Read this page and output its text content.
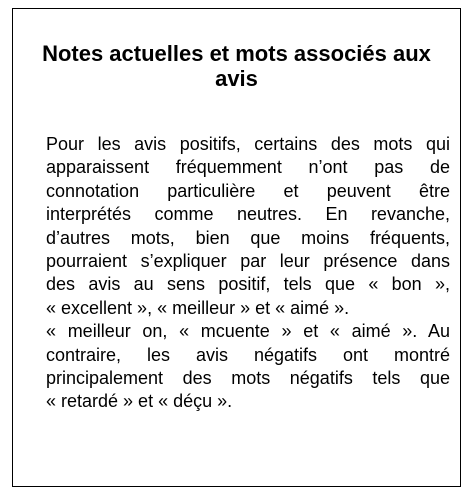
Notes actuelles et mots associés aux
avis
Pour les avis positifs, certains des mots qui
apparaissent fréquemment n’ont pas de
connotation particulière et peuvent être
interprétés comme neutres. En revanche,
d’autres mots, bien que moins fréquents,
pourraient s’expliquer par leur présence dans
des avis au sens positif, tels que « bon »,
« excellent », « meilleur » et « aimé ».
« meilleur on, « mcuente » et « aimé ». Au
contraire, les avis négatifs ont montré
principalement des mots négatifs tels que
« retardé » et « déçu ».
